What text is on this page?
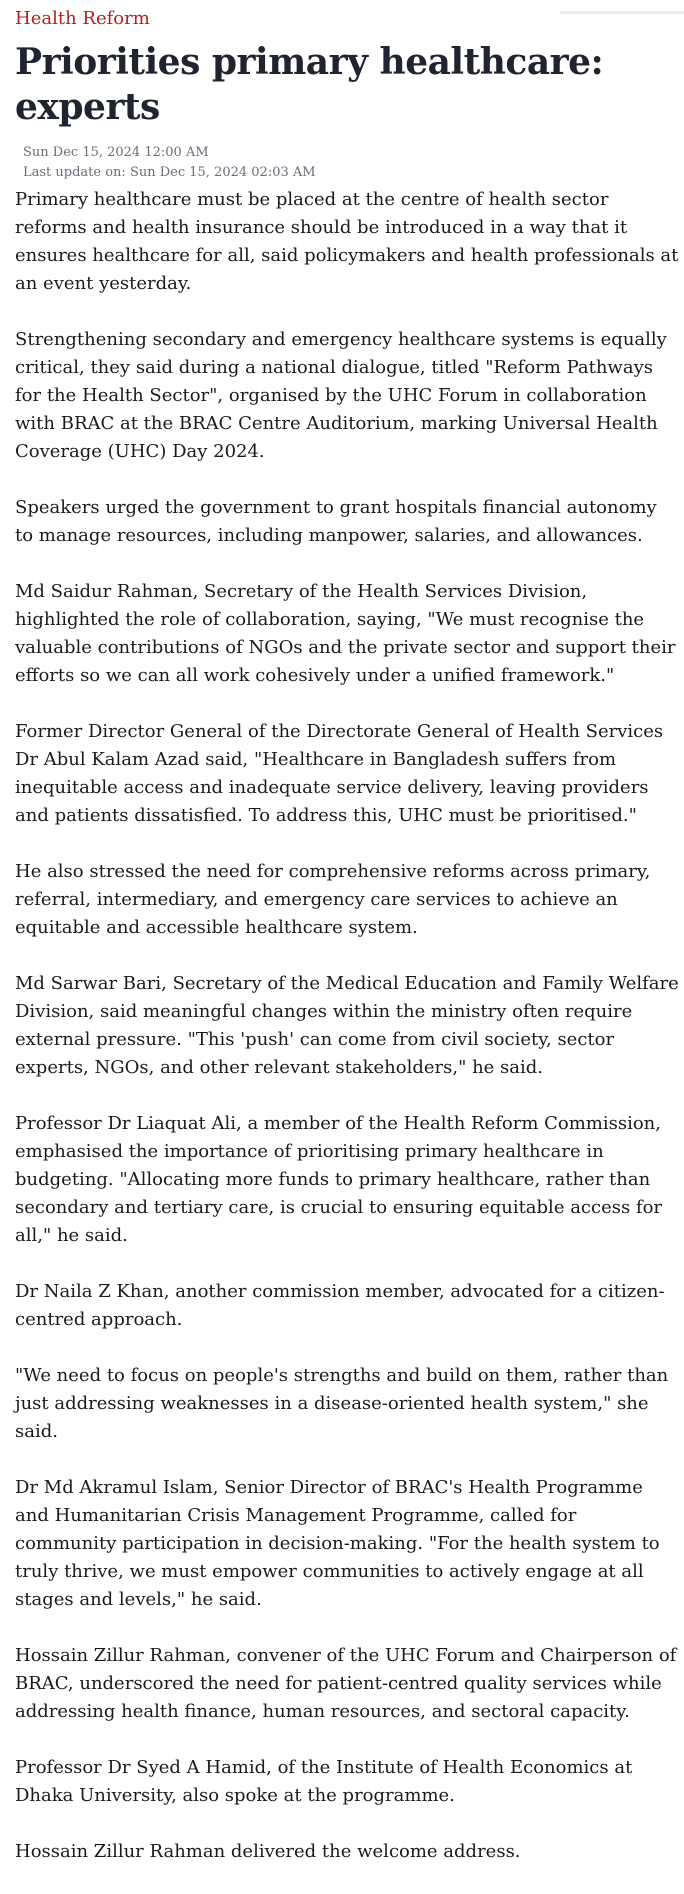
Health Reform
Priorities primary healthcare: experts
Sun Dec 15, 2024 12:00 AM
Last update on: Sun Dec 15, 2024 02:03 AM

Primary healthcare must be placed at the centre of health sector reforms and health insurance should be introduced in a way that it ensures healthcare for all, said policymakers and health professionals at an event yesterday.

Strengthening secondary and emergency healthcare systems is equally critical, they said during a national dialogue, titled "Reform Pathways for the Health Sector", organised by the UHC Forum in collaboration with BRAC at the BRAC Centre Auditorium, marking Universal Health Coverage (UHC) Day 2024.

Speakers urged the government to grant hospitals financial autonomy to manage resources, including manpower, salaries, and allowances.

Md Saidur Rahman, Secretary of the Health Services Division, highlighted the role of collaboration, saying, "We must recognise the valuable contributions of NGOs and the private sector and support their efforts so we can all work cohesively under a unified framework."

Former Director General of the Directorate General of Health Services Dr Abul Kalam Azad said, "Healthcare in Bangladesh suffers from inequitable access and inadequate service delivery, leaving providers and patients dissatisfied. To address this, UHC must be prioritised."

He also stressed the need for comprehensive reforms across primary, referral, intermediary, and emergency care services to achieve an equitable and accessible healthcare system.

Md Sarwar Bari, Secretary of the Medical Education and Family Welfare Division, said meaningful changes within the ministry often require external pressure. "This 'push' can come from civil society, sector experts, NGOs, and other relevant stakeholders," he said.

Professor Dr Liaquat Ali, a member of the Health Reform Commission, emphasised the importance of prioritising primary healthcare in budgeting. "Allocating more funds to primary healthcare, rather than secondary and tertiary care, is crucial to ensuring equitable access for all," he said.

Dr Naila Z Khan, another commission member, advocated for a citizen-centred approach.

"We need to focus on people's strengths and build on them, rather than just addressing weaknesses in a disease-oriented health system," she said.

Dr Md Akramul Islam, Senior Director of BRAC's Health Programme and Humanitarian Crisis Management Programme, called for community participation in decision-making. "For the health system to truly thrive, we must empower communities to actively engage at all stages and levels," he said.

Hossain Zillur Rahman, convener of the UHC Forum and Chairperson of BRAC, underscored the need for patient-centred quality services while addressing health finance, human resources, and sectoral capacity.

Professor Dr Syed A Hamid, of the Institute of Health Economics at Dhaka University, also spoke at the programme.

Hossain Zillur Rahman delivered the welcome address.
